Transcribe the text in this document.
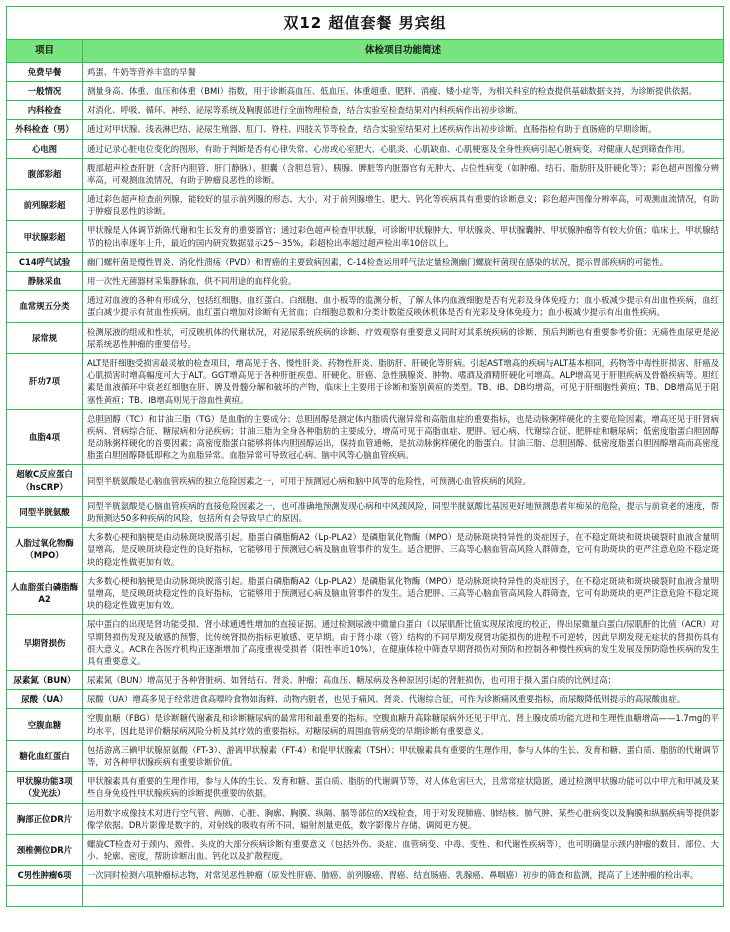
双12 超值套餐 男宾组
项目	体检项目功能简述
免费早餐	鸡蛋、牛奶等营养丰富的早餐
一般情况	测量身高、体重、血压和体重（BMI）指数，用于诊断高血压、低血压、体重超重、肥胖、消瘦、矮小症等，为相关科室的检查提供基础数据支持，为诊断提供依据。
内科检查	对消化、呼吸、循环、神经、泌尿等系统及胸腹部进行全面物理检查，结合实验室检查结果对内科疾病作出初步诊断。
外科检查（男）	通过对甲状腺、浅表淋巴结、泌尿生殖器、肛门、脊柱、四肢关节等检查，结合实验室结果对上述疾病作出初步诊断。直肠指检有助于直肠癌的早期诊断。
心电图	通过记录心脏电位变化的图形，有助于判断是否有心律失常、心房或心室肥大、心肌炎、心肌缺血、心肌梗塞及全身性疾病引起心脏病变，对健康人起到筛查作用。
腹部彩超	腹部超声检查肝脏（含肝内胆管、肝门静脉）、胆囊（含胆总管）、胰腺、脾脏等内脏器官有无肿大、占位性病变（如肿瘤、结石、脂肪肝及肝硬化等）；彩色超声图像分辨率高，可观测血流情况，有助于肿瘤良恶性的诊断。
前列腺彩超	通过彩色超声检查前列腺，能较好的显示前列腺的形态、大小，对于前列腺增生、肥大、钙化等疾病具有重要的诊断意义；彩色超声图像分辨率高，可观测血流情况，有助于肿瘤良恶性的诊断。
甲状腺彩超	甲状腺是人体调节新陈代谢和生长发育的重要器官；通过彩色超声检查甲状腺，可诊断甲状腺肿大、甲状腺炎、甲状腺囊肿、甲状腺肿瘤等有较大价值；临床上，甲状腺结节的检出率逐年上升，最近的国内研究数据显示25～35%，彩超检出率超过超声检出率10倍以上。
C14呼气试验	幽门螺杆菌是慢性胃炎、消化性溃疡（PVD）和胃癌的主要致病因素，C-14检查运用呼气法定量检测幽门螺旋杆菌现在感染的状况，提示胃部疾病的可能性。
静脉采血	用一次性无菌器材采集静脉血，供不同用途的血样化验。
血常规五分类	通过对血液的各种有形成分，包括红细胞、血红蛋白、白细胞、血小板等的监测分析，了解人体内血液细胞是否有光彩及身体免疫力；血小板减少提示有出血性疾病，血红蛋白减少提示有贫血性疾病。血红蛋白增加对诊断有无贫血；白细胞总数和分类计数能反映休机体是否有光彩及身体免疫力；血小板减少提示有出血性疾病。
尿常规	检测尿液的组成和性状，可反映机体的代谢状况，对泌尿系统疾病的诊断、疗效观察有重要意义同时对其系统疾病的诊断、预后判断也有重要参考价值；无痛性血尿更是泌尿系统恶性肿瘤的重要信号。
肝功7项	ALT是肝细胞受损害最灵敏的检查项目，增高见于各、慢性肝炎、药物性肝炎、脂肪肝、肝硬化等肝病。引起AST增高的疾病与ALT基本相同，药物等中毒性肝损害、肝癌及心肌损害时增高幅度可大于ALT。GGT增高见于各种肝脏疾患、肝硬化、肝癌、急性胰腺炎、肿物、嗜酒及酒精肝硬化可增高。ALP增高见于肝胆疾病及骨骼疾病等。胆红素是血液循环中衰老红细胞在肝、脾及骨髓分解和破坏的产物，临床上主要用于诊断和鉴别黄疸的类型。TB、IB、DB均增高，可见于肝细胞性黄疸；TB、DB增高见于阻塞性黄疸；TB、IB增高则见于溶血性黄疸。
血脂4项	总胆固醇（TC）和甘油三脂（TG）是血脂的主要成分；总胆固醇是测定体内脂质代谢异常和高脂血症的重要指标，也是动脉粥样硬化的主要危险因素，增高还见于肝肾病疾病、肾病综合征、糖尿病和分泌疾病；甘油三脂为全身各种脂肪的主要成分，增高可见于高脂血症、肥胖、冠心病、代谢综合征、肥胖症和糖尿病；低密度脂蛋白胆固醇是动脉粥样硬化的首要因素；高密度脂蛋白能够将体内胆固醇运出，保持血管通畅，是抗动脉粥样硬化的脂蛋白。甘油三脂、总胆固醇、低密度脂蛋白胆固醇增高而高密度脂蛋白胆固醇降低即称之为血脂异常。血脂异常可导致冠心病、脑中风等心脑血管疾病。
超敏C反应蛋白（hsCRP）	同型半胱氨酸是心脑血管疾病的独立危险因素之一，可用于预测冠心病和脑中风等的危险性，可预测心血管疾病的风险。
同型半胱氨酸	同型半胱氨酸是心脑血管疾病的直接危险因素之一，也可准确地预测发现心病和中风颈风险，同型半胱氨酸比基因更好地预测患者年痴呆的危险，提示与前衰老的速度，帮助预测达50多种疾病的风险，包括所有会导致早亡的原因。
人脂过氧化物酶（MPO）	大多数心梗和脑梗是由动脉斑块脱落引起。脂蛋白磷脂酶A2（Lp-PLA2）是磷脂氧化物酶（MPO）是动脉斑块特异性的炎症因子，在不稳定斑块和斑块破裂时血液含量明显增高，是反映斑块稳定性的良好指标，它能够用于预测冠心病及脑血管事件的发生。适合肥胖、三高等心脑血管高风险人群筛查，它可有助斑块的更严注意危险不稳定斑块的稳定性做更加有效。
人血脂蛋白磷脂酶A2	大多数心梗和脑梗是由动脉斑块脱落引起。脂蛋白磷脂酶A2（Lp-PLA2）是磷脂氧化物酶（MPO）是动脉斑块特异性的炎症因子，在不稳定斑块和斑块破裂时血液含量明显增高，是反映斑块稳定性的良好指标，它能够用于预测冠心病及脑血管事件的发生。适合肥胖、三高等心脑血管高风险人群筛查，它可有助斑块的更严注意危险不稳定斑块的稳定性做更加有效。
早期肾损伤	尿中蛋白的出现是肾功能受损、肾小球通透性增加的直接证据。通过检测尿液中微量白蛋白（以尿肌酐比值实现尿浓度的校正，得出尿微量白蛋白/尿肌酐的比值（ACR）对早期肾损伤发现及敏感的预警，比传统肾损伤指标更敏感、更早期。由于肾小球（管）结构的不同早期发现肾功能损伤的进程不可逆转，因此早期发现无症状的肾损伤具有很大意义。ACR在各医疗机构正逐渐增加了高度重视受损者（阳性率近10%），在健康体检中筛查早期肾损伤对预防和控制各种慢性疾病的发生发展及预防隐性疾病的发生具有重要意义。
尿素氮（BUN）	尿素氮（BUN）增高见于各种肾脏病、如肾结石、肾炎、肿瘤；高血压、糖尿病及各种原因引起的肾脏损伤，也可用于摄入蛋白质的比例过高；
尿酸（UA）	尿酸（UA）增高多见于经常进食高嘌呤食物如海鲜、动物内脏者，也见于痛风、肾炎、代谢综合征，可作为诊断痛风重要指标，而尿酸降低则提示的高尿酸血症。
空腹血糖	空腹血糖（FBG）是诊断糖代谢紊乱和诊断糖尿病的最常用和最重要的指标。空腹血糖升高除糖尿病外还见于甲亢、肾上腺皮质功能亢进和生理性血糖增高——1.7mg的平均水平，因此是评价糖尿病风险分析及其疗效的重要指标。对糖尿病的周围血管病变的早期诊断有重要意义。
糖化血红蛋白	包括游离三碘甲状腺原氨酸（FT-3）、游离甲状腺素（FT-4）和促甲状腺素（TSH）；甲状腺素具有重要的生理作用，参与人体的生长、发育和糖、蛋白质、脂肪的代谢调节等，对各种甲状腺疾病有重要诊断价值。
甲状腺功能3项（发光法）	甲状腺素具有重要的生理作用，参与人体的生长、发育和糖、蛋白质、脂肪的代谢调节等，对人体危害巨大，且常常症状隐匿，通过检测甲状腺功能可以中甲亢和甲减及某些自身免疫性甲状腺疾病的诊断提供重要的依据。
胸部正位DR片	运用数字成像技术对进行空气管、两肺、心脏、胸廓、胸膜、纵隔、膈等部位的X线检查，用于对发现肺癌、肺结核、肺气肿、某些心脏病变以及胸膜和纵膈疾病等提供影像学依据。DR片影像是数字的，对射线的吸收有所不同，辐射剂量更低，数字影像片存储、调阅更方便。
颈椎侧位DR片	螺旋CT检查对于颈内、颈骨、头皮的大部分疾病诊断有重要意义（包括外伤、炎症、血管病变、中毒、变性、和代谢性疾病等），也可明确显示颈内肿瘤的数目、部位、大小、轮廓、密度，帮助诊断出血、钙化以及扩散程度。
C男性肿瘤6项	一次同时检测六项肿瘤标志物，对常见恶性肿瘤（原发性肝癌、肺癌、前列腺癌、胃癌、结直肠癌、乳腺癌、鼻咽癌）初步的筛查和监测，提高了上述肿瘤的检出率。
